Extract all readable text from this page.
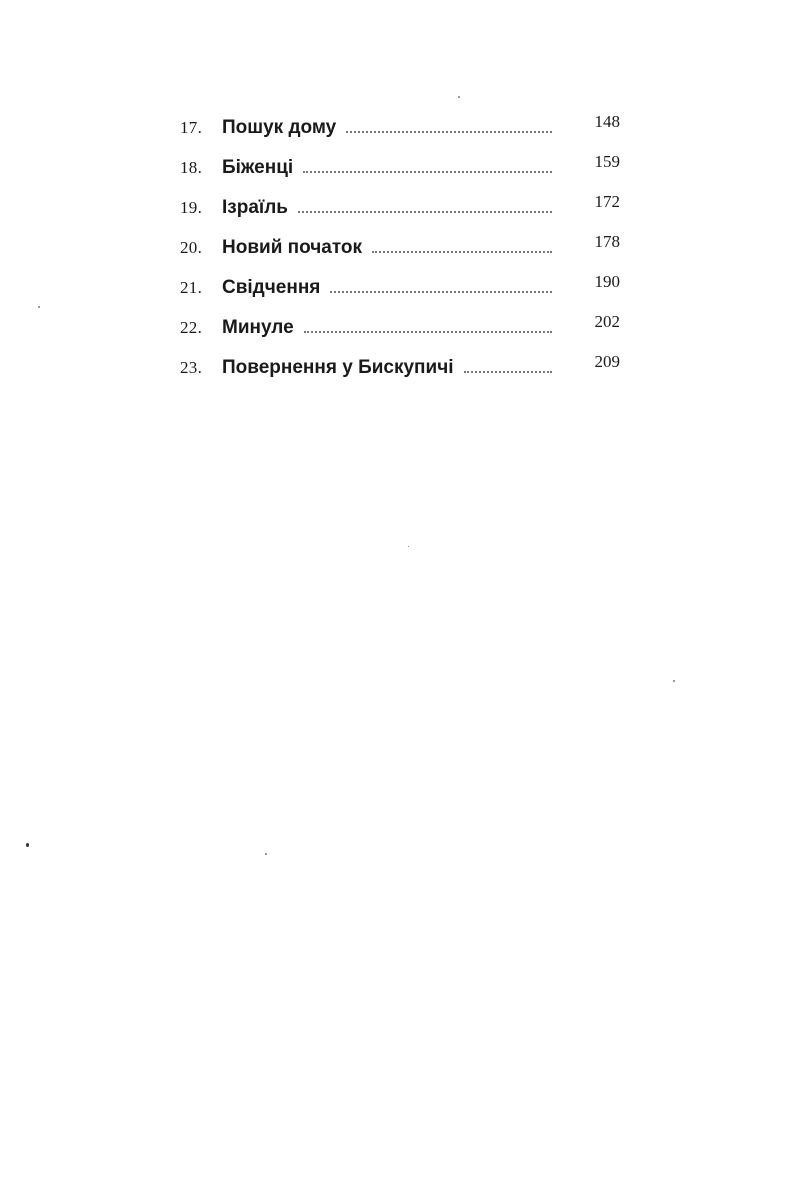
17.	Пошук дому	148
18.	Біженці	159
19.	Ізраїль	172
20.	Новий початок	178
21.	Свідчення	190
22.	Минуле	202
23.	Повернення у Бискупичі	209
